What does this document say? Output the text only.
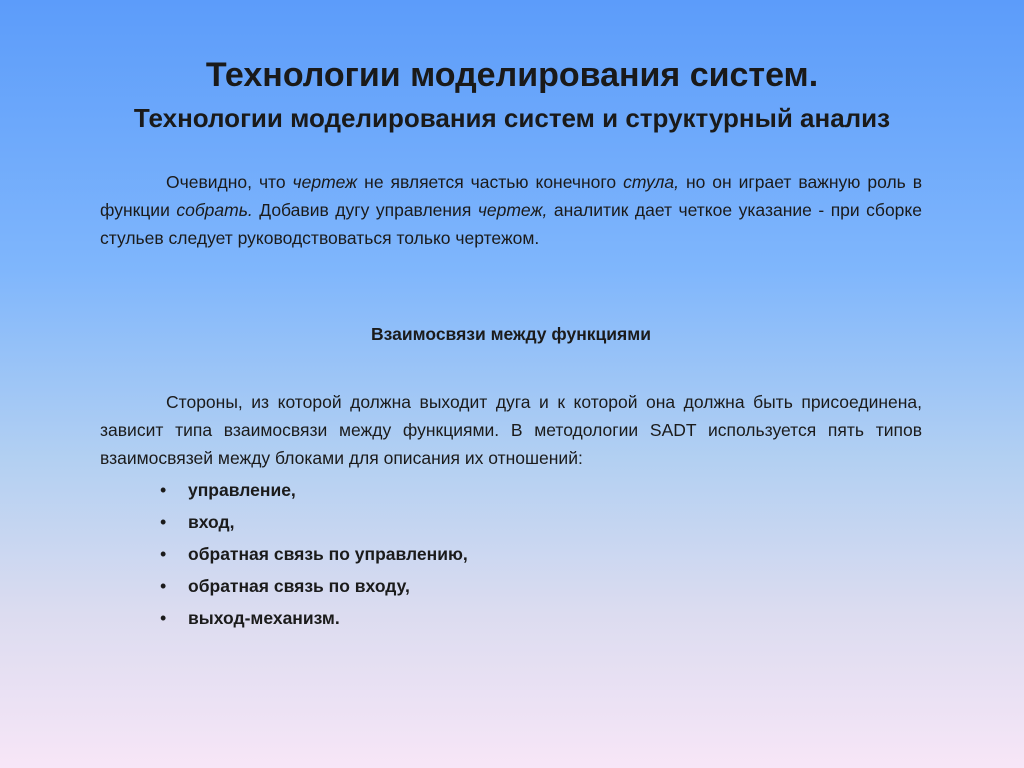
Технологии моделирования систем.
Технологии моделирования систем и структурный анализ

Очевидно, что чертеж не является частью конечного стула, но он играет важную роль в функции собрать. Добавив дугу управления чертеж, аналитик дает четкое указание - при сборке стульев следует руководствоваться только чертежом.

Взаимосвязи между функциями

Стороны, из которой должна выходит дуга и к которой она должна быть присоединена, зависит типа взаимосвязи между функциями. В методологии SADT используется пять типов взаимосвязей между блоками для описания их отношений:

•	управление,
•	вход,
•	обратная связь по управлению,
•	обратная связь по входу,
•	выход-механизм.
